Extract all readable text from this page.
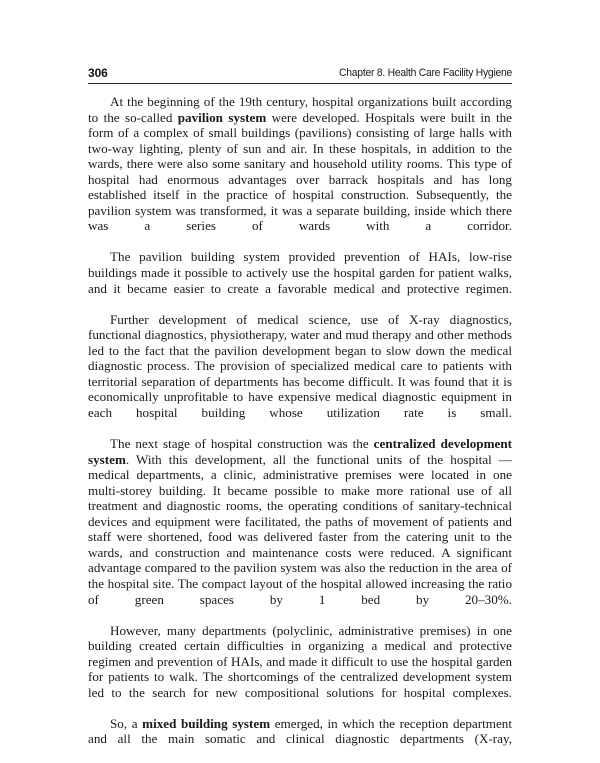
306	Chapter 8. Health Care Facility Hygiene

At the beginning of the 19th century, hospital organizations built according to the so-called pavilion system were developed. Hospitals were built in the form of a complex of small buildings (pavilions) consisting of large halls with two-way lighting, plenty of sun and air. In these hospitals, in addition to the wards, there were also some sanitary and household utility rooms. This type of hospital had enormous advantages over barrack hospitals and has long established itself in the practice of hospital construction. Subsequently, the pavilion system was transformed, it was a separate building, inside which there was a series of wards with a corridor.

The pavilion building system provided prevention of HAIs, low-rise buildings made it possible to actively use the hospital garden for patient walks, and it became easier to create a favorable medical and protective regimen.

Further development of medical science, use of X-ray diagnostics, functional diagnostics, physiotherapy, water and mud therapy and other methods led to the fact that the pavilion development began to slow down the medical diagnostic process. The provision of specialized medical care to patients with territorial separation of departments has become difficult. It was found that it is economically unprofitable to have expensive medical diagnostic equipment in each hospital building whose utilization rate is small.

The next stage of hospital construction was the centralized development system. With this development, all the functional units of the hospital — medical departments, a clinic, administrative premises were located in one multi-storey building. It became possible to make more rational use of all treatment and diagnostic rooms, the operating conditions of sanitary-technical devices and equipment were facilitated, the paths of movement of patients and staff were shortened, food was delivered faster from the catering unit to the wards, and construction and maintenance costs were reduced. A significant advantage compared to the pavilion system was also the reduction in the area of the hospital site. The compact layout of the hospital allowed increasing the ratio of green spaces by 1 bed by 20–30%.

However, many departments (polyclinic, administrative premises) in one building created certain difficulties in organizing a medical and protective regimen and prevention of HAIs, and made it difficult to use the hospital garden for patients to walk. The shortcomings of the centralized development system led to the search for new compositional solutions for hospital complexes.

So, a mixed building system emerged, in which the reception department and all the main somatic and clinical diagnostic departments (X-ray,
